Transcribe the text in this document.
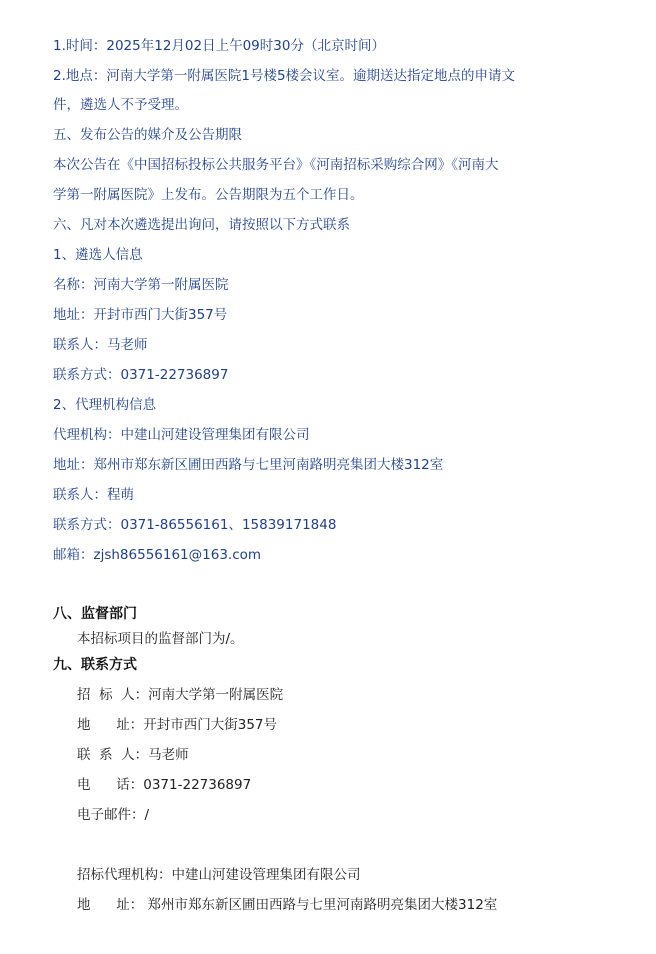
1.时间：2025年12月02日上午09时30分（北京时间）
2.地点：河南大学第一附属医院1号楼5楼会议室。逾期送达指定地点的申请文
件，遴选人不予受理。
五、发布公告的媒介及公告期限
本次公告在《中国招标投标公共服务平台》《河南招标采购综合网》《河南大
学第一附属医院》上发布。公告期限为五个工作日。
六、凡对本次遴选提出询问，请按照以下方式联系
1、遴选人信息
名称：河南大学第一附属医院
地址：开封市西门大街357号
联系人：马老师
联系方式：0371-22736897
2、代理机构信息
代理机构：中建山河建设管理集团有限公司
地址：郑州市郑东新区圃田西路与七里河南路明亮集团大楼312室
联系人：程萌
联系方式：0371-86556161、15839171848
邮箱：zjsh86556161@163.com
八、监督部门
本招标项目的监督部门为/。
九、联系方式
招  标  人：河南大学第一附属医院
地      址：开封市西门大街357号
联  系  人：马老师
电      话：0371-22736897
电子邮件：/
招标代理机构：中建山河建设管理集团有限公司
地      址： 郑州市郑东新区圃田西路与七里河南路明亮集团大楼312室
